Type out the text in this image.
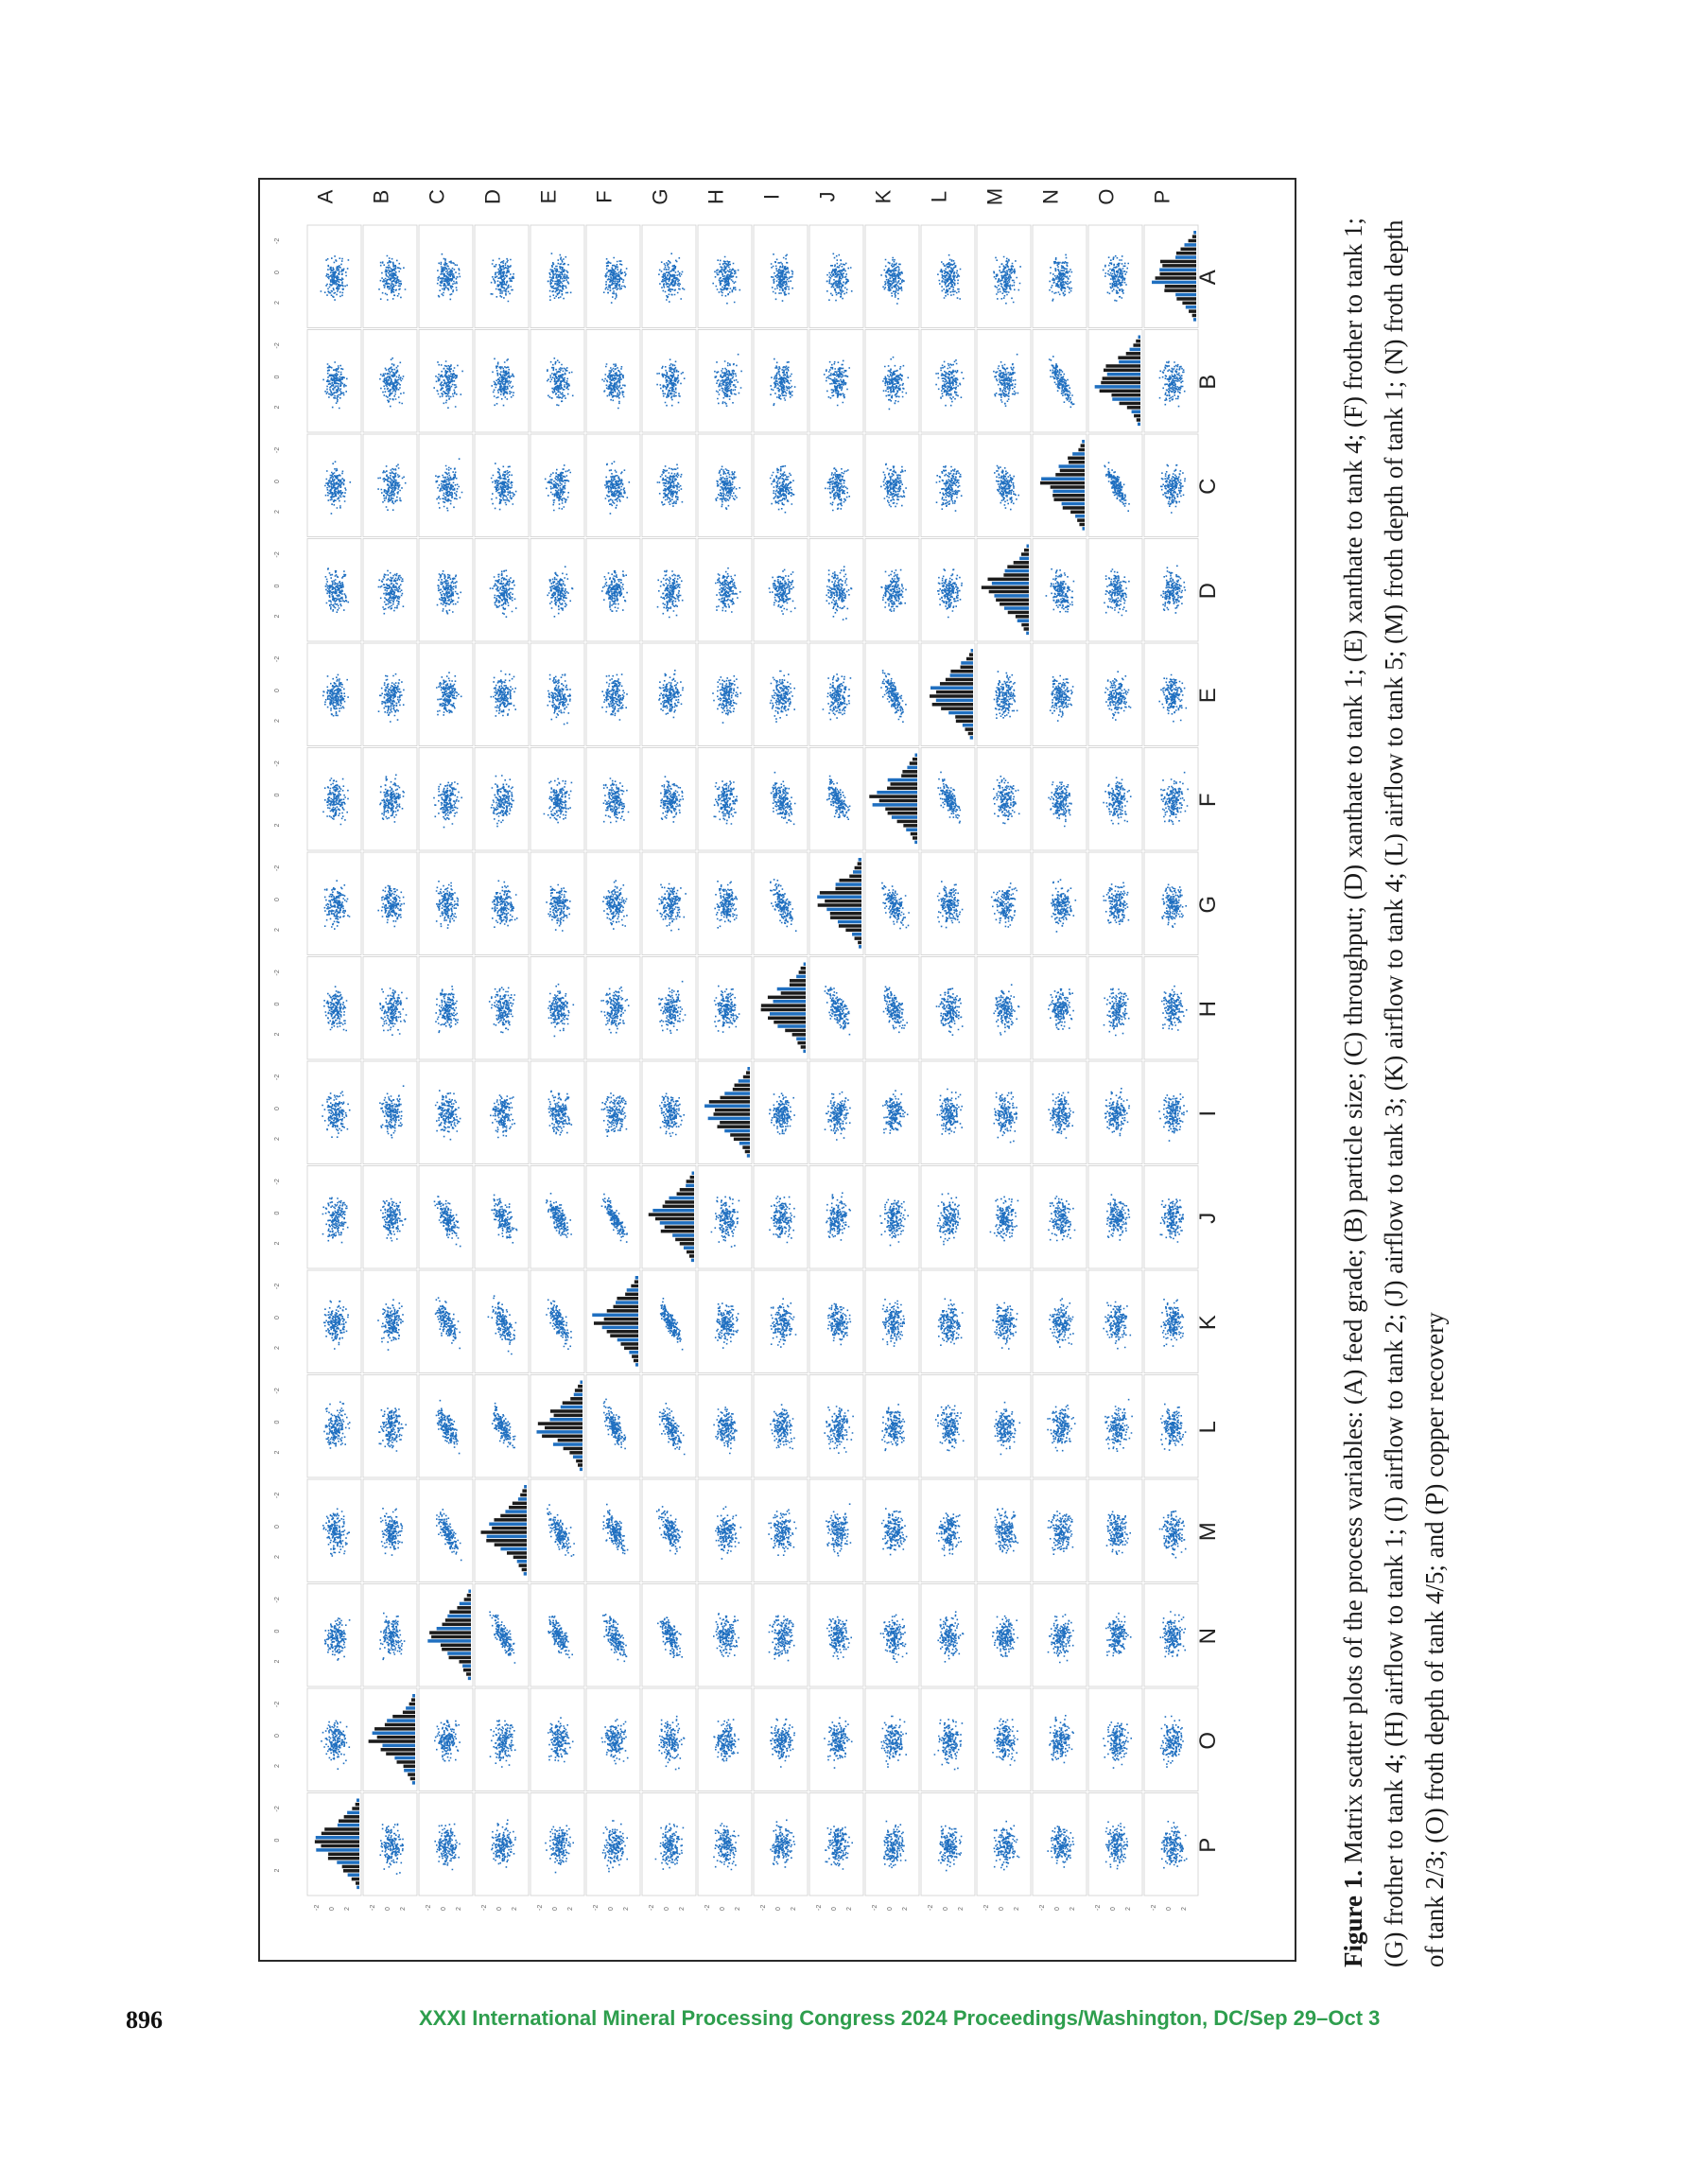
A B C D E F G H I J K L M N O P
A
B
C
D
E
F
G
H
I
J
K
L
M
N
O
P
-2
0
2
-2
0
2
-2
0
2
-2
0
2
-2
0
2
-2
0
2
-2
0
2
-2
0
2
-2
0
2
-2
0
2
-2
0
2
-2
0
2
-2
0
2
-2
0
2
-2
0
2
-2
0
2
-2 0 2	-2 0 2	-2 0 2	-2 0 2	-2 0 2	-2 0 2	-2 0 2	-2 0 2	-2 0 2	-2 0 2	-2 0 2	-2 0 2	-2 0 2	-2 0 2	-2 0 2	-2 0 2	Figure 1. Matrix scatter plots of the process variables: (A) feed grade; (B) particle size; (C) throughput; (D) xanthate to tank 1; (E) xanthate to tank 4; (F) frother to tank 1; (G) frother to tank 4; (H) airflow to tank 1; (I) airflow to tank 2; (J) airflow to tank 3; (K) airflow to tank 4; (L) airflow to tank 5; (M) froth depth of tank 1; (N) froth depth of tank 2/3; (O) froth depth of tank 4/5; and (P) copper recovery
896	XXXI International Mineral Processing Congress 2024 Proceedings/Washington, DC/Sep 29–Oct 3
